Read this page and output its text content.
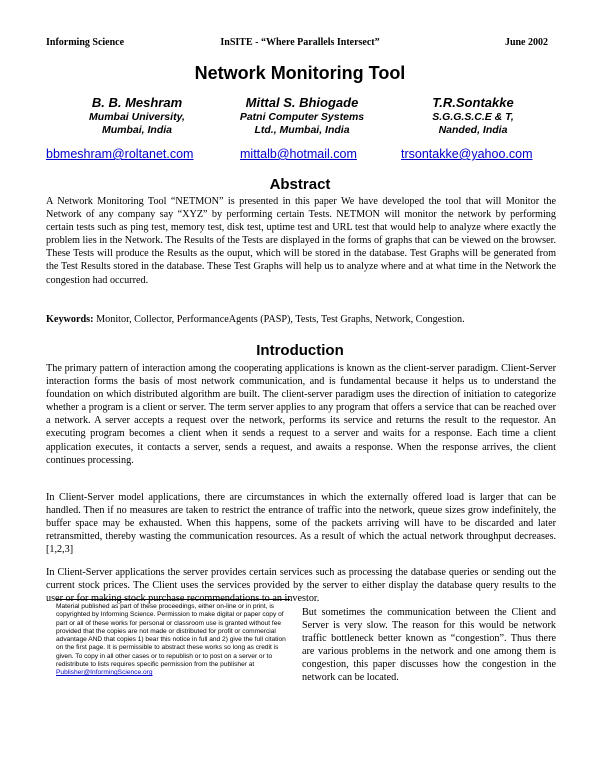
Informing Science	InSITE - “Where Parallels Intersect”	June 2002
Network Monitoring Tool
B. B. Meshram
Mumbai University,
Mumbai, India
Mittal S. Bhiogade
Patni Computer Systems
Ltd., Mumbai, India
T.R.Sontakke
S.G.G.S.C.E & T,
Nanded, India
bbmeshram@roltanet.com	mittalb@hotmail.com	trsontakke@yahoo.com
Abstract
A Network Monitoring Tool “NETMON” is presented in this paper We have developed the tool that will Monitor the Network of any company say “XYZ” by performing certain Tests. NETMON will monitor the network by performing certain tests such as ping test, memory test, disk test, uptime test and URL test that would help to analyze where exactly the problem lies in the Network. The Results of the Tests are displayed in the forms of graphs that can be viewed on the browser. These Tests will produce the Results as the ouput, which will be stored in the database. Test Graphs will be generated from the Test Results stored in the database. These Test Graphs will help us to analyze where and at what time in the Network the congestion had occurred.
Keywords: Monitor, Collector, PerformanceAgents (PASP), Tests, Test Graphs, Network, Congestion.
Introduction
The primary pattern of interaction among the cooperating applications is known as the client-server paradigm. Client-Server interaction forms the basis of most network communication, and is fundamental because it helps us to understand the foundation on which distributed algorithm are built. The client-server paradigm uses the direction of initiation to categorize whether a program is a client or server. The term server applies to any program that offers a service that can be reached over a network. A server accepts a request over the network, performs its service and returns the result to the requestor. An executing program becomes a client when it sends a request to a server and waits for a response. Each time a client application executes, it contacts a server, sends a request, and awaits a response. When the response arrives, the client continues processing.
In Client-Server model applications, there are circumstances in which the externally offered load is larger that can be handled. Then if no measures are taken to restrict the entrance of traffic into the network, queue sizes grow indefinitely, the buffer space may be exhausted. When this happens, some of the packets arriving will have to be discarded and later retransmitted, thereby wasting the communication resources. As a result of which the actual network throughput decreases. [1,2,3]
In Client-Server applications the server provides certain services such as processing the database queries or sending out the current stock prices. The Client uses the services provided by the server to either display the database query results to the user or for making stock purchase recommendations to an investor.
Material published as part of these proceedings, either on-line or in print, is copyrighted by Informing Science. Permission to make digital or paper copy of part or all of these works for personal or classroom use is granted without fee provided that the copies are not made or distributed for profit or commercial advantage AND that copies 1) bear this notice in full and 2) give the full citation on the first page. It is permissible to abstract these works so long as credit is given. To copy in all other cases or to republish or to post on a server or to redistribute to lists requires specific permission from the publisher at Publisher@InformingScience.org
But sometimes the communication between the Client and Server is very slow. The reason for this would be network traffic bottleneck better known as “congestion”. Thus there are various problems in the network and one among them is congestion, this paper discusses how the congestion in the network can be located.
